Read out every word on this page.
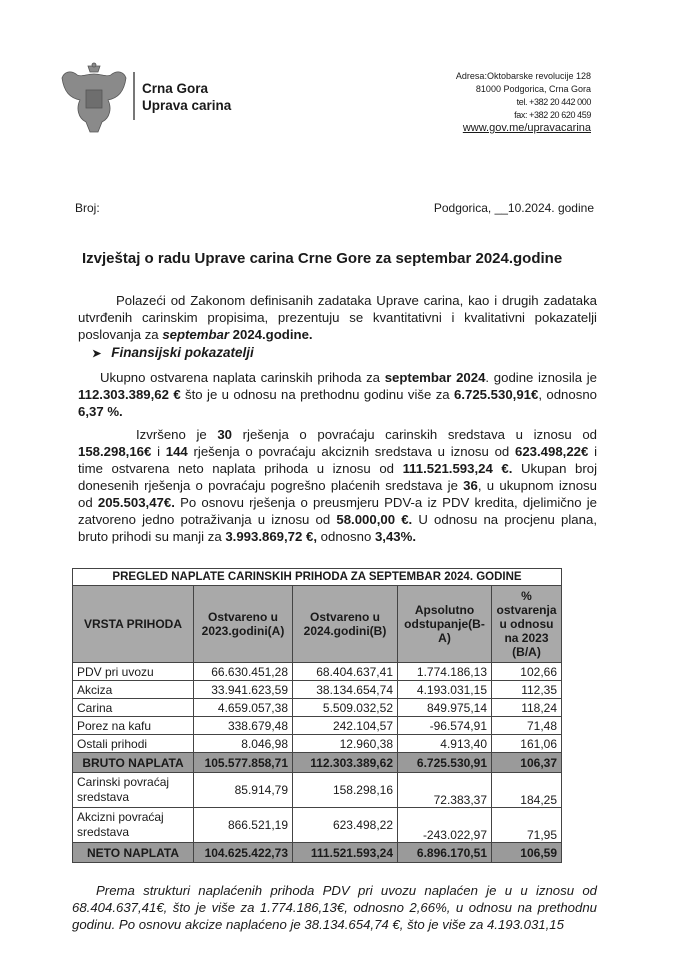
Crna Gora
Uprava carina
Adresa:Oktobarske revolucije 128
81000 Podgorica, Crna Gora
tel. +382 20 442 000
fax: +382 20 620 459
www.gov.me/upravacarina
Broj:	Podgorica, __10.2024. godine
Izvještaj o radu Uprave carina Crne Gore za septembar 2024.godine
Polazeći od Zakonom definisanih zadataka Uprave carina, kao i drugih zadataka utvrđenih carinskim propisima, prezentuju se kvantitativni i kvalitativni pokazatelji poslovanja za septembar 2024.godine.
➤ Finansijski pokazatelji
Ukupno ostvarena naplata carinskih prihoda za septembar 2024. godine iznosila je 112.303.389,62 € što je u odnosu na prethodnu godinu više za 6.725.530,91€, odnosno 6,37 %.
Izvršeno je 30 rješenja o povraćaju carinskih sredstava u iznosu od 158.298,16€ i 144 rješenja o povraćaju akciznih sredstava u iznosu od 623.498,22€ i time ostvarena neto naplata prihoda u iznosu od 111.521.593,24 €. Ukupan broj donesenih rješenja o povraćaju pogrešno plaćenih sredstava je 36, u ukupnom iznosu od 205.503,47€. Po osnovu rješenja o preusmjeru PDV-a iz PDV kredita, djelimično je zatvoreno jedno potraživanja u iznosu od 58.000,00 €. U odnosu na procjenu plana, bruto prihodi su manji za 3.993.869,72 €, odnosno 3,43%.
PREGLED NAPLATE CARINSKIH PRIHODA ZA SEPTEMBAR 2024. GODINE				
VRSTA PRIHODA	Ostvareno u 2023.godini(A)	Ostvareno u 2024.godini(B)	Apsolutno odstupanje(B-A)	% ostvarenja u odnosu na 2023 (B/A)
PDV pri uvozu	66.630.451,28	68.404.637,41	1.774.186,13	102,66
Akciza	33.941.623,59	38.134.654,74	4.193.031,15	112,35
Carina	4.659.057,38	5.509.032,52	849.975,14	118,24
Porez na kafu	338.679,48	242.104,57	-96.574,91	71,48
Ostali prihodi	8.046,98	12.960,38	4.913,40	161,06
BRUTO NAPLATA	105.577.858,71	112.303.389,62	6.725.530,91	106,37
Carinski povraćaj sredstava	85.914,79	158.298,16	72.383,37	184,25
Akcizni povraćaj sredstava	866.521,19	623.498,22	-243.022,97	71,95
NETO NAPLATA	104.625.422,73	111.521.593,24	6.896.170,51	106,59
Prema strukturi naplaćenih prihoda PDV pri uvozu naplaćen je u u iznosu od 68.404.637,41€, što je više za 1.774.186,13€, odnosno 2,66%, u odnosu na prethodnu godinu. Po osnovu akcize naplaćeno je 38.134.654,74 €, što je više za 4.193.031,15
